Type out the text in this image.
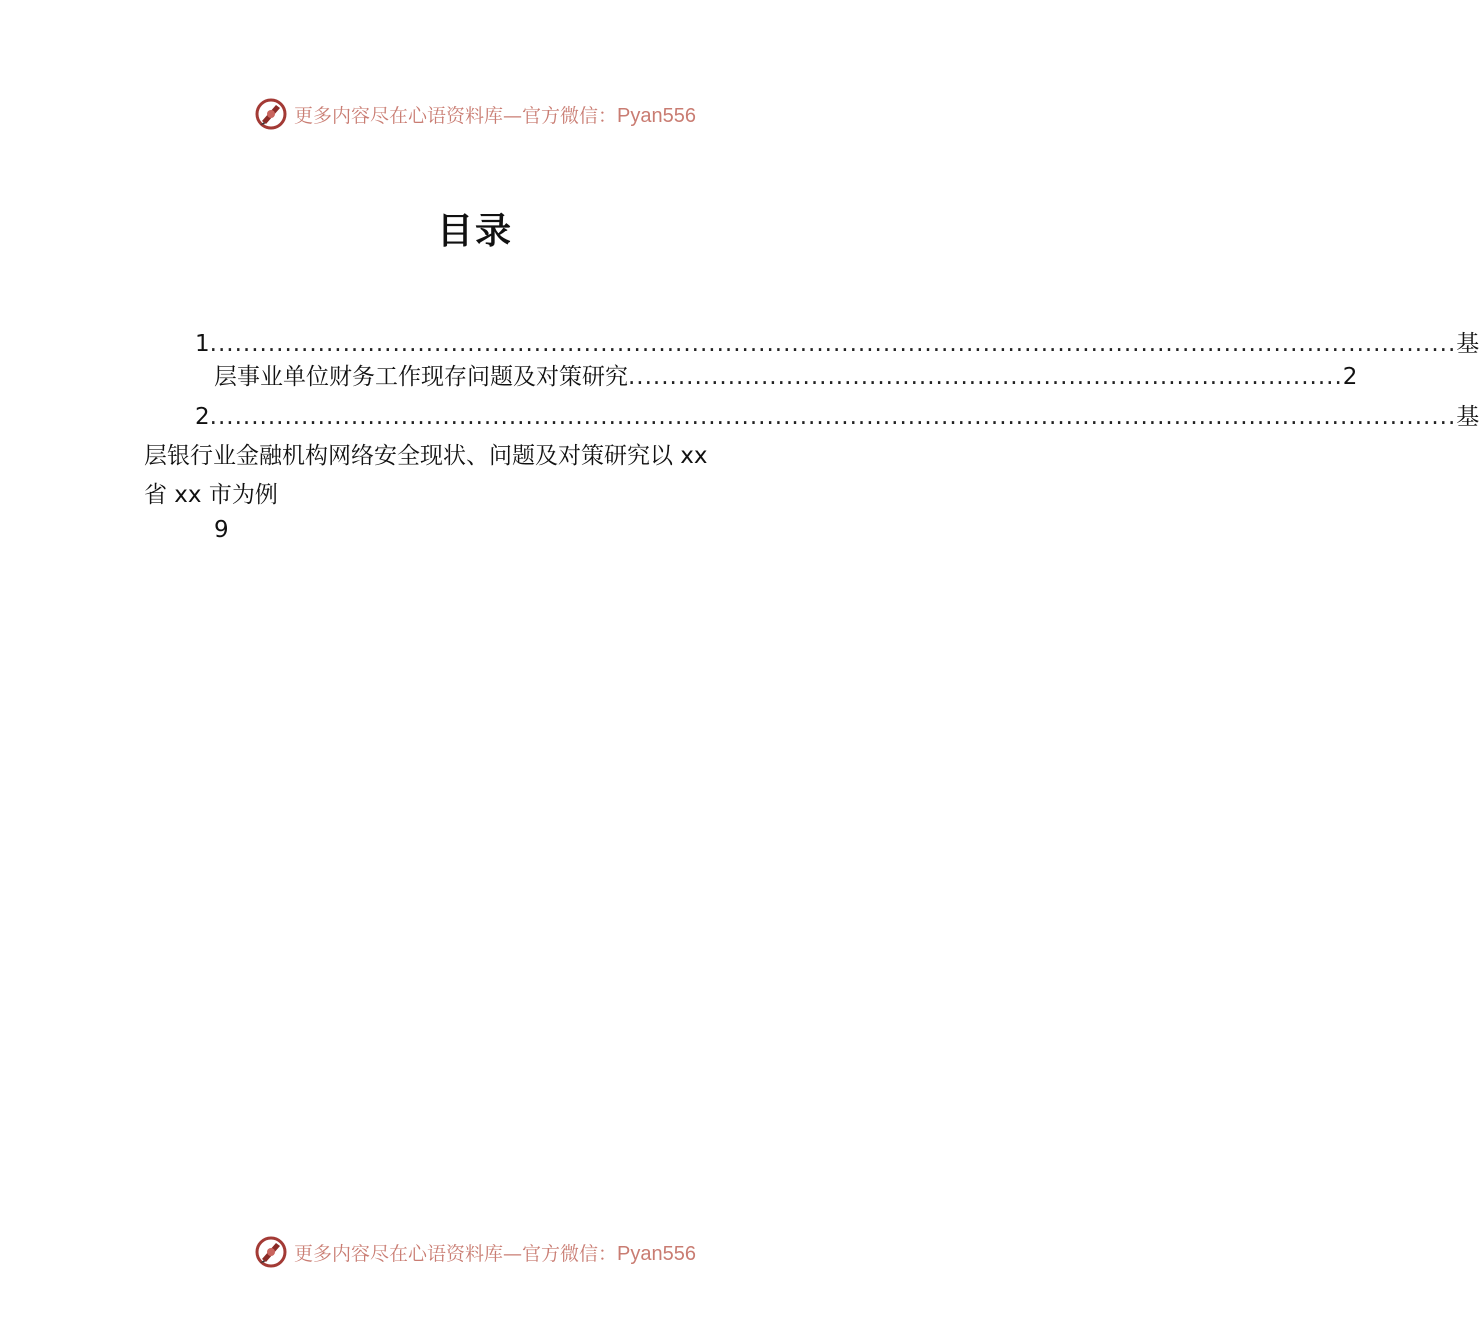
更多内容尽在心语资料库—官方微信：Pyan556
目录
1 ...................................................................................................................................................... 基
层事业单位财务工作现存问题及对策研究 ...................................................................................... 2
2 ...................................................................................................................................................... 基
层银行业金融机构网络安全现状、问题及对策研究以 xx
省 xx 市为例
9
更多内容尽在心语资料库—官方微信：Pyan556
